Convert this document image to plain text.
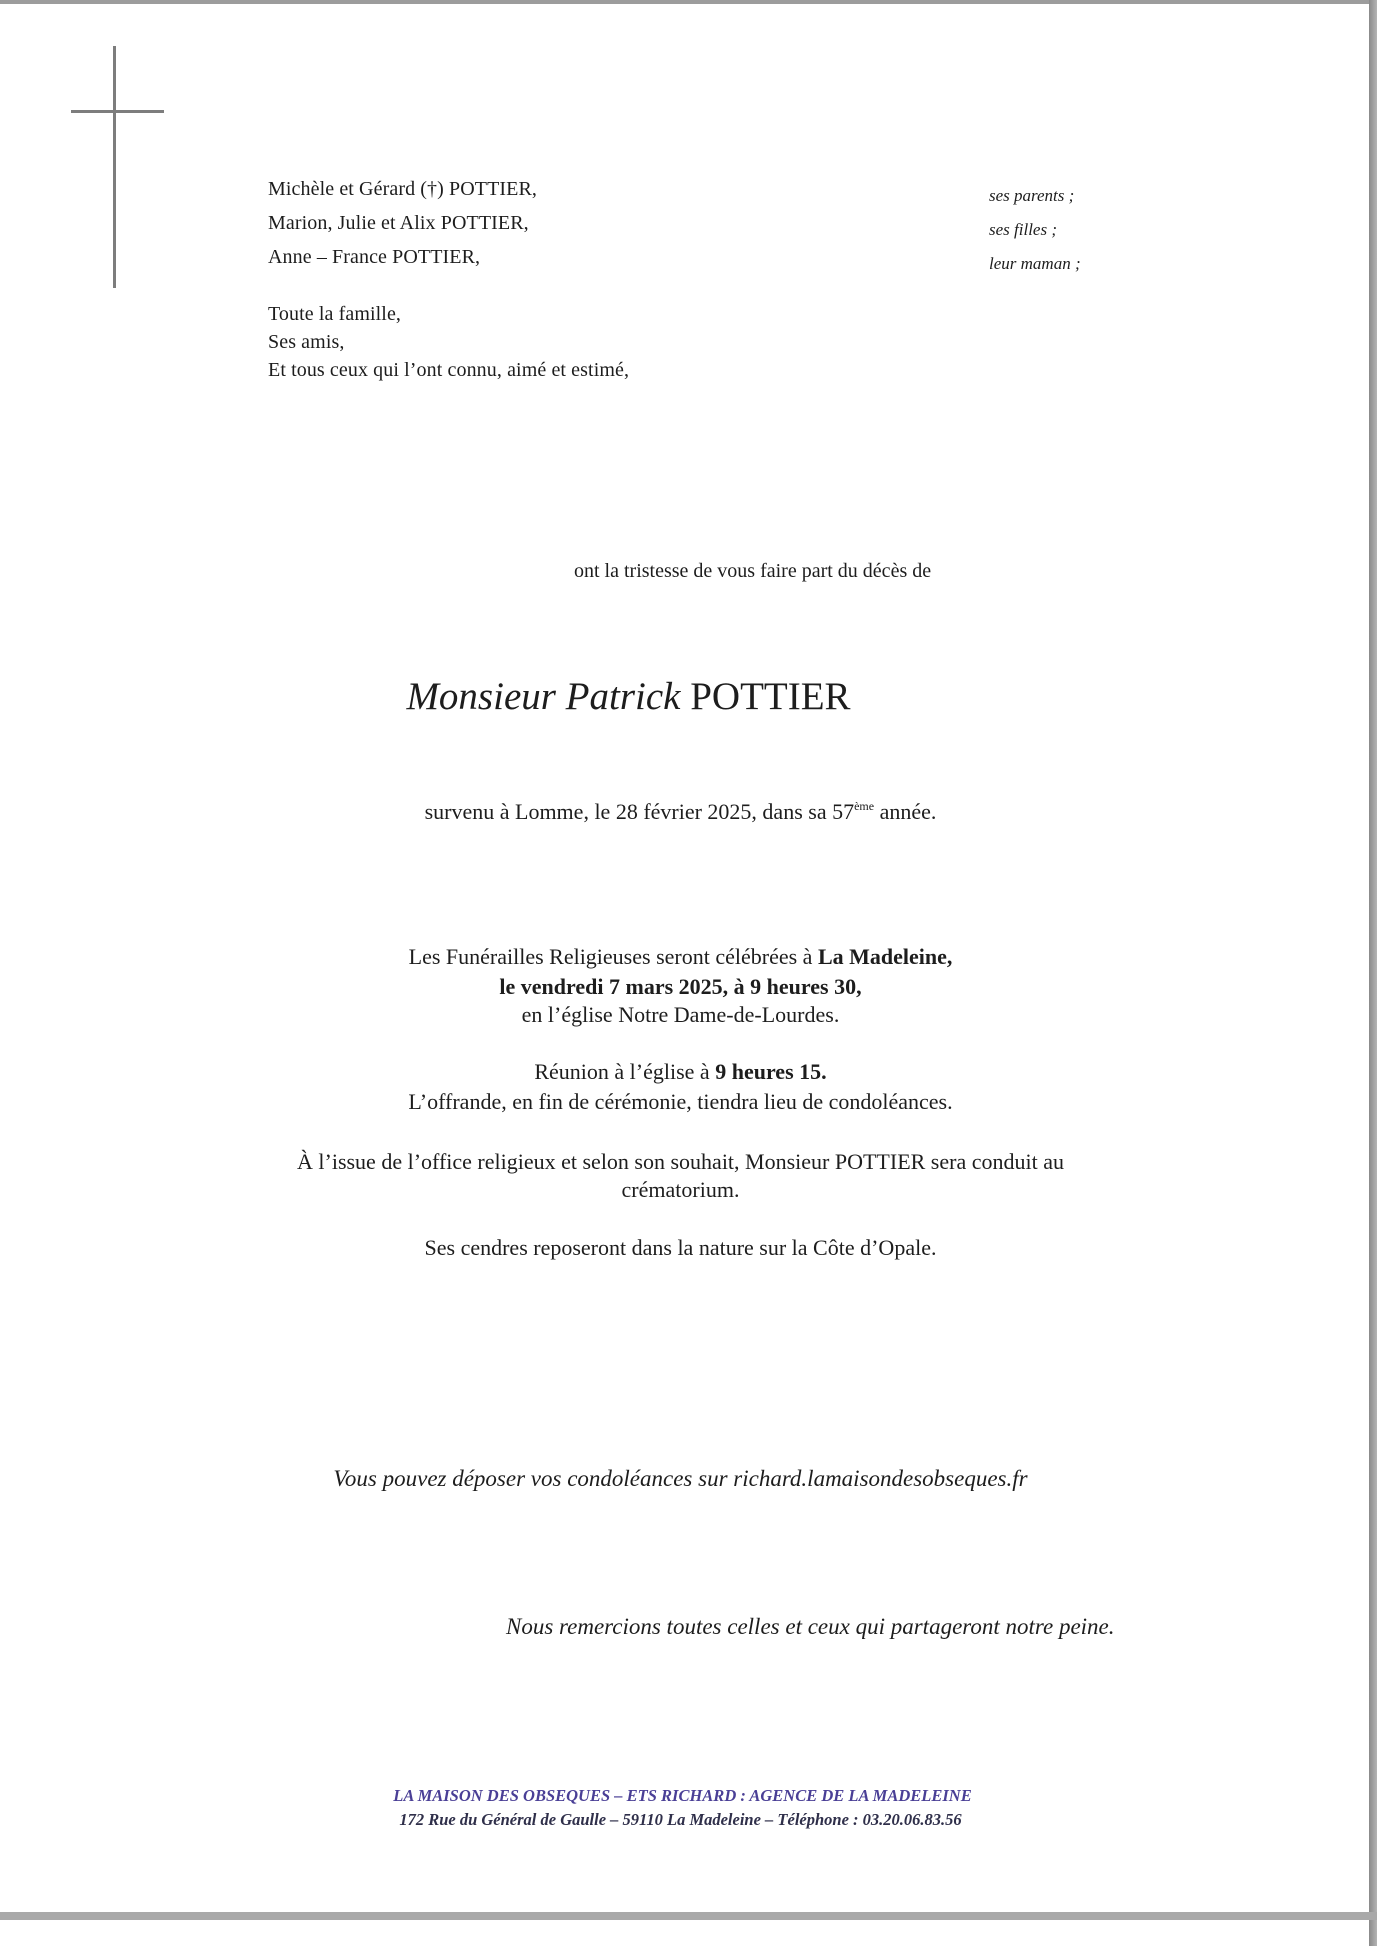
Michèle et Gérard (†) POTTIER,
Marion, Julie et Alix POTTIER,
Anne – France POTTIER,
ses parents ;
ses filles ;
leur maman ;
Toute la famille,
Ses amis,
Et tous ceux qui l’ont connu, aimé et estimé,
ont la tristesse de vous faire part du décès de
Monsieur Patrick POTTIER
survenu à Lomme, le 28 février 2025, dans sa 57ème année.
Les Funérailles Religieuses seront célébrées à La Madeleine,
le vendredi 7 mars 2025, à 9 heures 30,
en l’église Notre Dame-de-Lourdes.
Réunion à l’église à 9 heures 15.
L’offrande, en fin de cérémonie, tiendra lieu de condoléances.
À l’issue de l’office religieux et selon son souhait, Monsieur POTTIER sera conduit au
crématorium.
Ses cendres reposeront dans la nature sur la Côte d’Opale.
Vous pouvez déposer vos condoléances sur richard.lamaisondesobseques.fr
Nous remercions toutes celles et ceux qui partageront notre peine.
LA MAISON DES OBSEQUES – ETS RICHARD : AGENCE DE LA MADELEINE
172 Rue du Général de Gaulle – 59110 La Madeleine – Téléphone : 03.20.06.83.56
